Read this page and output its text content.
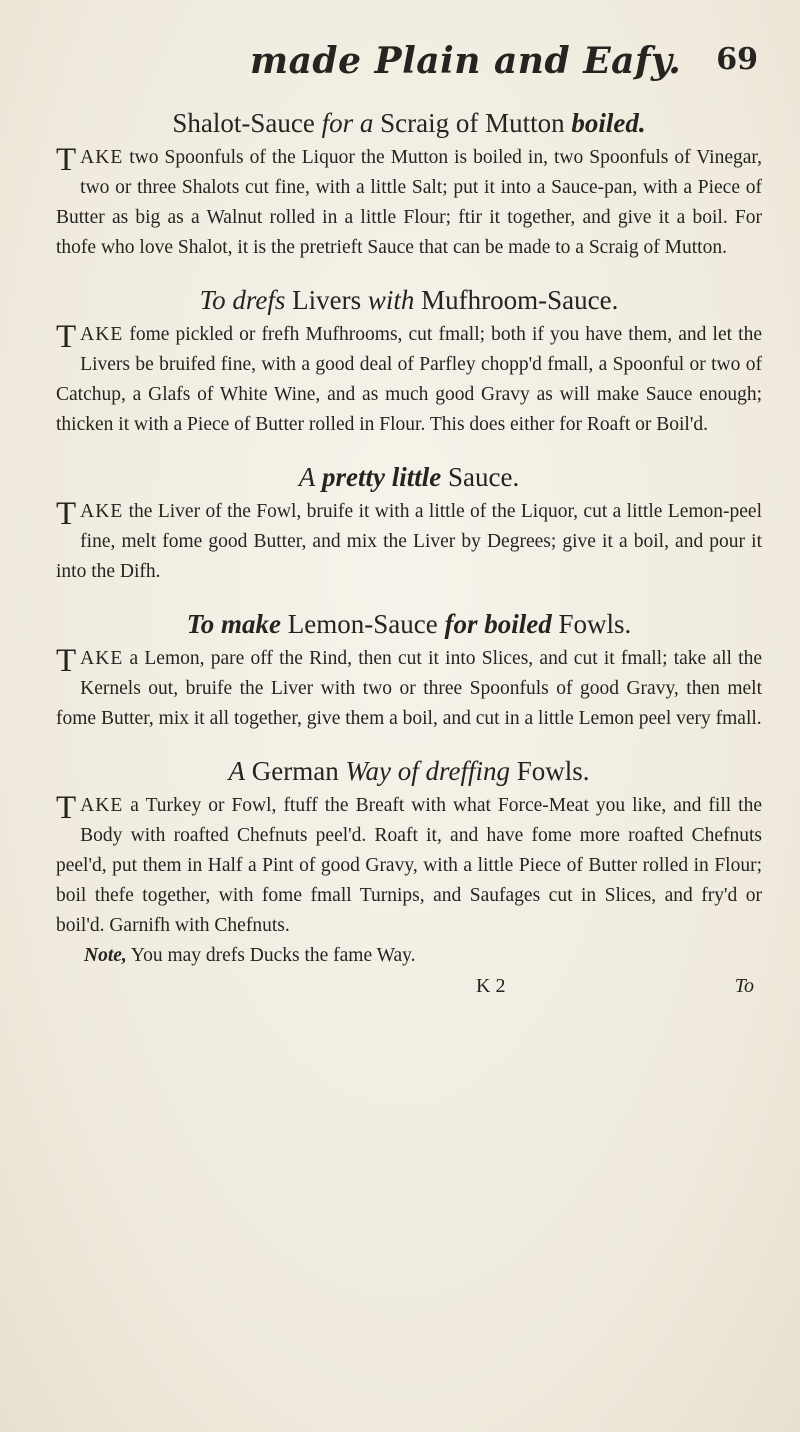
made Plain and Eafy. 69
Shalot-Sauce for a Scraig of Mutton boiled.

TAKE two Spoonfuls of the Liquor the Mutton is boiled in, two Spoonfuls of Vinegar, two or three Shalots cut fine, with a little Salt; put it into a Sauce-pan, with a Piece of Butter as big as a Walnut rolled in a little Flour; ftir it together, and give it a boil. For thofe who love Shalot, it is the pretrieft Sauce that can be made to a Scraig of Mutton.

To drefs Livers with Mufhroom-Sauce.

TAKE fome pickled or frefh Mufhrooms, cut fmall; both if you have them, and let the Livers be bruifed fine, with a good deal of Parfley chopp'd fmall, a Spoonful or two of Catchup, a Glafs of White Wine, and as much good Gravy as will make Sauce enough; thicken it with a Piece of Butter rolled in Flour. This does either for Roaft or Boil'd.

A pretty little Sauce.

TAKE the Liver of the Fowl, bruife it with a little of the Liquor, cut a little Lemon-peel fine, melt fome good Butter, and mix the Liver by Degrees; give it a boil, and pour it into the Difh.

To make Lemon-Sauce for boiled Fowls.

TAKE a Lemon, pare off the Rind, then cut it into Slices, and cut it fmall; take all the Kernels out, bruife the Liver with two or three Spoonfuls of good Gravy, then melt fome Butter, mix it all together, give them a boil, and cut in a little Lemon peel very fmall.

A German Way of dreffing Fowls.

TAKE a Turkey or Fowl, ftuff the Breaft with what Force-Meat you like, and fill the Body with roafted Chefnuts peel'd. Roaft it, and have fome more roafted Chefnuts peel'd, put them in Half a Pint of good Gravy, with a little Piece of Butter rolled in Flour; boil thefe together, with fome fmall Turnips, and Saufages cut in Slices, and fry'd or boil'd. Garnifh with Chefnuts.

Note, You may drefs Ducks the fame Way.

K 2	To
